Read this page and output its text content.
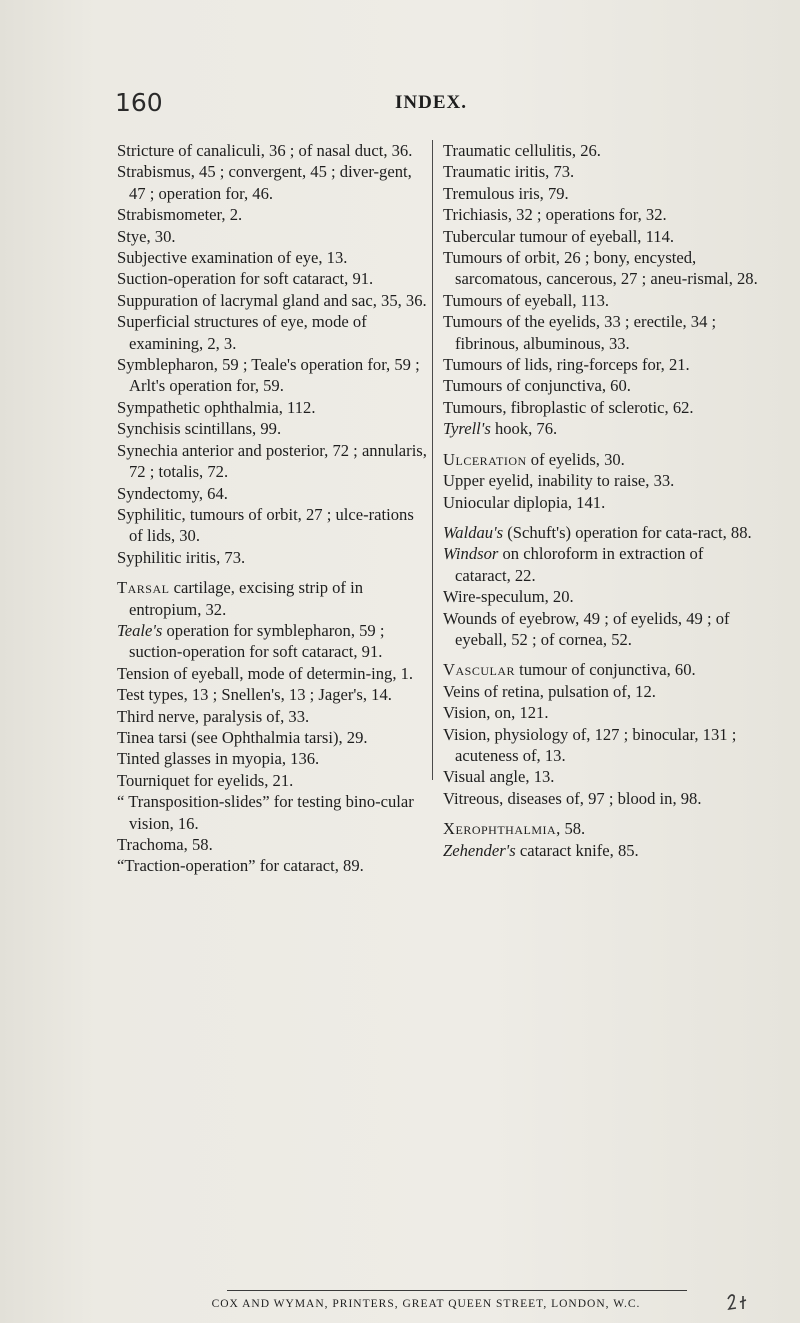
160	INDEX.
Stricture of canaliculi, 36 ; of nasal duct, 36.
Strabismus, 45 ; convergent, 45 ; diver-gent, 47 ; operation for, 46.
Strabismometer, 2.
Stye, 30.
Subjective examination of eye, 13.
Suction-operation for soft cataract, 91.
Suppuration of lacrymal gland and sac, 35, 36.
Superficial structures of eye, mode of examining, 2, 3.
Symblepharon, 59 ; Teale's operation for, 59 ; Arlt's operation for, 59.
Sympathetic ophthalmia, 112.
Synchisis scintillans, 99.
Synechia anterior and posterior, 72 ; annularis, 72 ; totalis, 72.
Syndectomy, 64.
Syphilitic, tumours of orbit, 27 ; ulce-rations of lids, 30.
Syphilitic iritis, 73.
Tarsal cartilage, excising strip of in entropium, 32.
Teale's operation for symblepharon, 59 ; suction-operation for soft cataract, 91.
Tension of eyeball, mode of determin-ing, 1.
Test types, 13 ; Snellen's, 13 ; Jager's, 14.
Third nerve, paralysis of, 33.
Tinea tarsi (see Ophthalmia tarsi), 29.
Tinted glasses in myopia, 136.
Tourniquet for eyelids, 21.
“ Transposition-slides” for testing bino-cular vision, 16.
Trachoma, 58.
“Traction-operation” for cataract, 89.
Traumatic cellulitis, 26.
Traumatic iritis, 73.
Tremulous iris, 79.
Trichiasis, 32 ; operations for, 32.
Tubercular tumour of eyeball, 114.
Tumours of orbit, 26 ; bony, encysted, sarcomatous, cancerous, 27 ; aneu-rismal, 28.
Tumours of eyeball, 113.
Tumours of the eyelids, 33 ; erectile, 34 ; fibrinous, albuminous, 33.
Tumours of lids, ring-forceps for, 21.
Tumours of conjunctiva, 60.
Tumours, fibroplastic of sclerotic, 62.
Tyrell's hook, 76.
Ulceration of eyelids, 30.
Upper eyelid, inability to raise, 33.
Uniocular diplopia, 141.
Waldau's (Schuft's) operation for cata-ract, 88.
Windsor on chloroform in extraction of cataract, 22.
Wire-speculum, 20.
Wounds of eyebrow, 49 ; of eyelids, 49 ; of eyeball, 52 ; of cornea, 52.
Vascular tumour of conjunctiva, 60.
Veins of retina, pulsation of, 12.
Vision, on, 121.
Vision, physiology of, 127 ; binocular, 131 ; acuteness of, 13.
Visual angle, 13.
Vitreous, diseases of, 97 ; blood in, 98.
Xerophthalmia, 58.
Zehender's cataract knife, 85.
COX AND WYMAN, PRINTERS, GREAT QUEEN STREET, LONDON, W.C.
